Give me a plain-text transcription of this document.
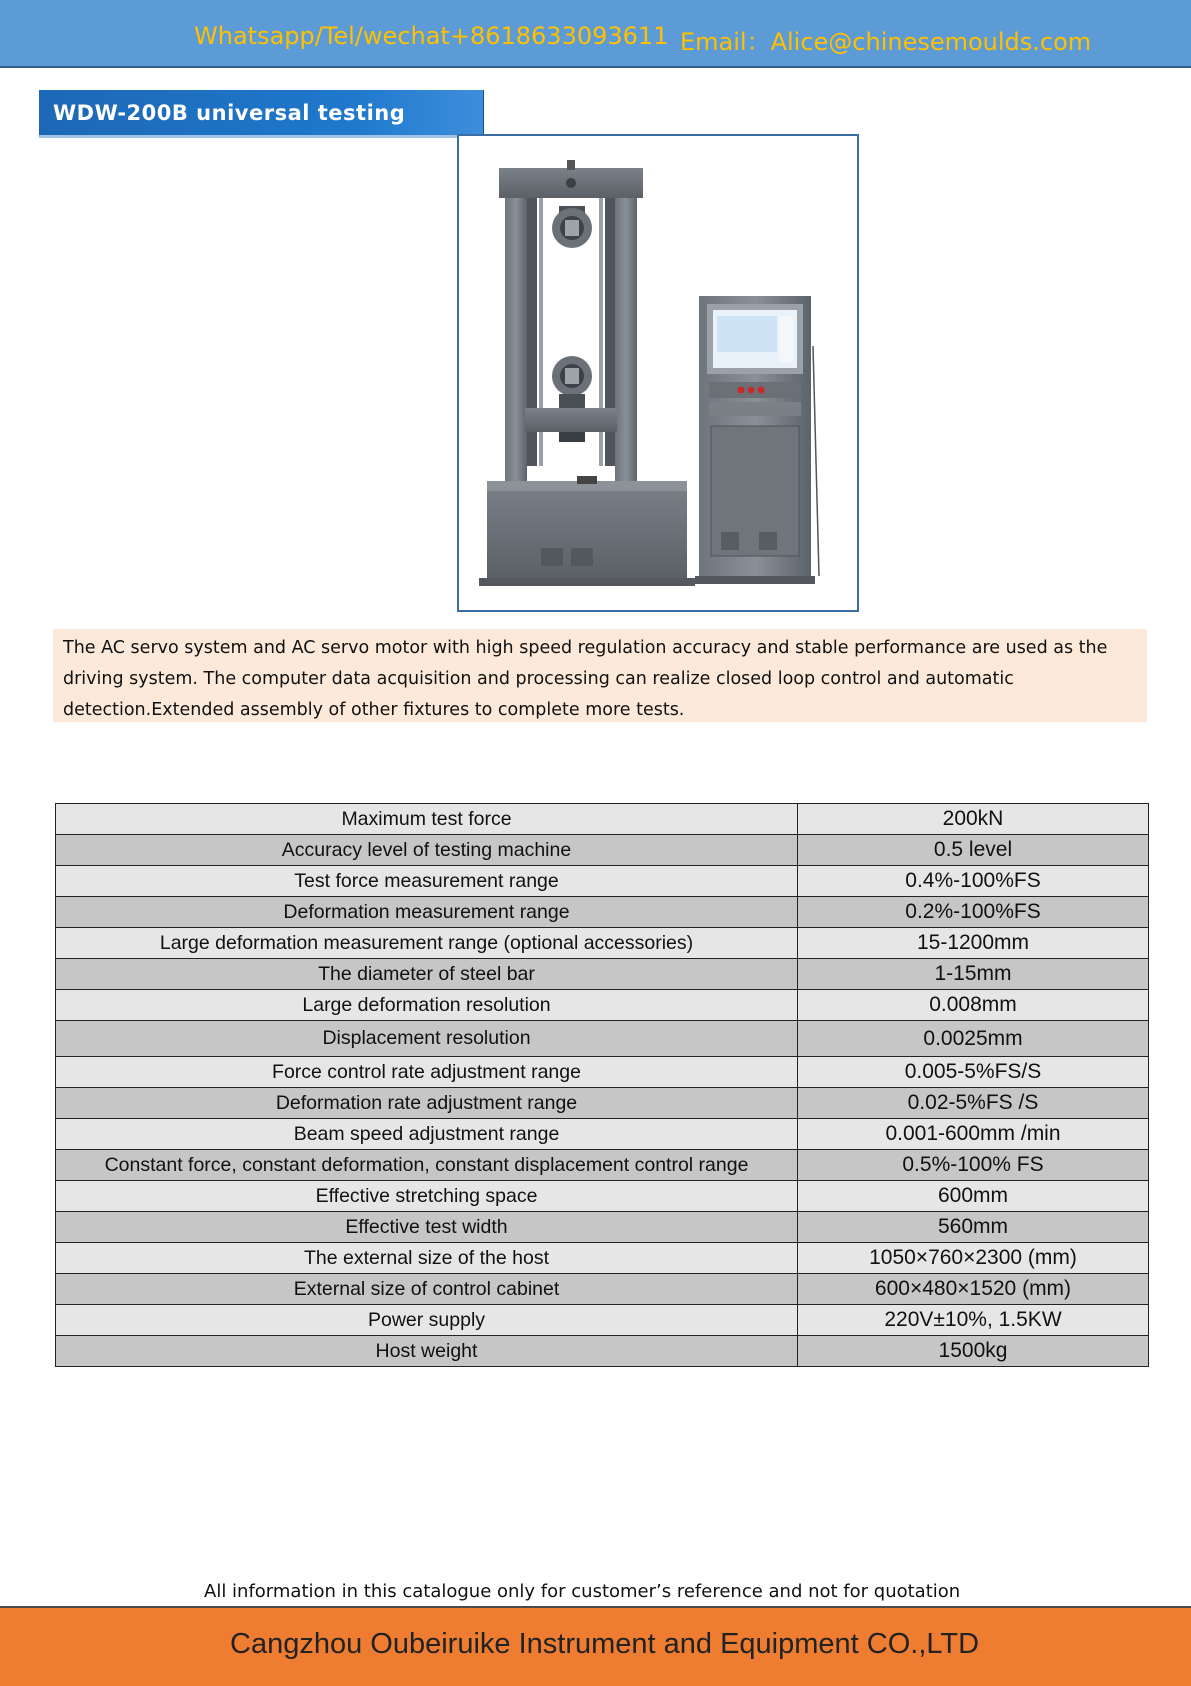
Whatsapp/Tel/wechat+8618633093611 Email：Alice@chinesemoulds.com
WDW-200B universal testing

The AC servo system and AC servo motor with high speed regulation accuracy and stable performance are used as the driving system. The computer data acquisition and processing can realize closed loop control and automatic detection.Extended assembly of other fixtures to complete more tests.

Maximum test force	200kN
Accuracy level of testing machine	0.5 level
Test force measurement range	0.4%-100%FS
Deformation measurement range	0.2%-100%FS
Large deformation measurement range (optional accessories)	15-1200mm
The diameter of steel bar	1-15mm
Large deformation resolution	0.008mm
Displacement resolution	0.0025mm
Force control rate adjustment range	0.005-5%FS/S
Deformation rate adjustment range	0.02-5%FS /S
Beam speed adjustment range	0.001-600mm /min
Constant force, constant deformation, constant displacement control range	0.5%-100% FS
Effective stretching space	600mm
Effective test width	560mm
The external size of the host	1050×760×2300 (mm)
External size of control cabinet	600×480×1520 (mm)
Power supply	220V±10%, 1.5KW
Host weight	1500kg
All information in this catalogue only for customer’s reference and not for quotation
Cangzhou Oubeiruike Instrument and Equipment CO.,LTD
